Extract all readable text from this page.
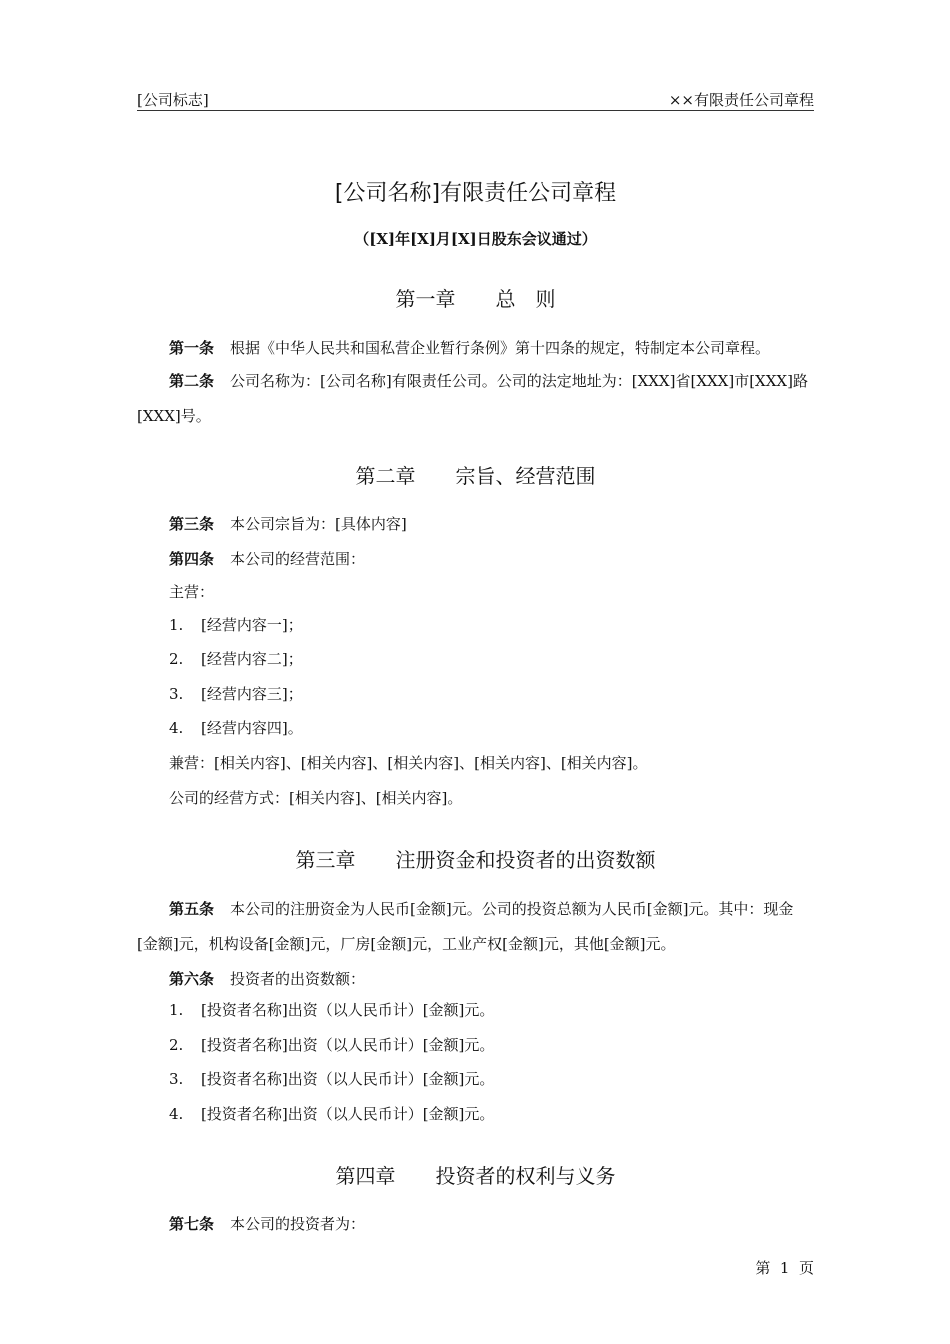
[公司标志]	××有限责任公司章程
[公司名称]有限责任公司章程
（[X]年[X]月[X]日股东会议通过）
第一章　　总　则
第一条 根据《中华人民共和国私营企业暂行条例》第十四条的规定，特制定本公司章程。
第二条 公司名称为：[公司名称]有限责任公司。公司的法定地址为：[XXX]省[XXX]市[XXX]路[XXX]号。
第二章　　宗旨、经营范围
第三条 本公司宗旨为：[具体内容]
第四条 本公司的经营范围：
主营：
1. [经营内容一]；
2. [经营内容二]；
3. [经营内容三]；
4. [经营内容四]。
兼营：[相关内容]、[相关内容]、[相关内容]、[相关内容]、[相关内容]。
公司的经营方式：[相关内容]、[相关内容]。
第三章　　注册资金和投资者的出资数额
第五条 本公司的注册资金为人民币[金额]元。公司的投资总额为人民币[金额]元。其中：现金[金额]元，机构设备[金额]元，厂房[金额]元，工业产权[金额]元，其他[金额]元。
第六条 投资者的出资数额：
1. [投资者名称]出资（以人民币计）[金额]元。
2. [投资者名称]出资（以人民币计）[金额]元。
3. [投资者名称]出资（以人民币计）[金额]元。
4. [投资者名称]出资（以人民币计）[金额]元。
第四章　　投资者的权利与义务
第七条 本公司的投资者为：
第  1  页
